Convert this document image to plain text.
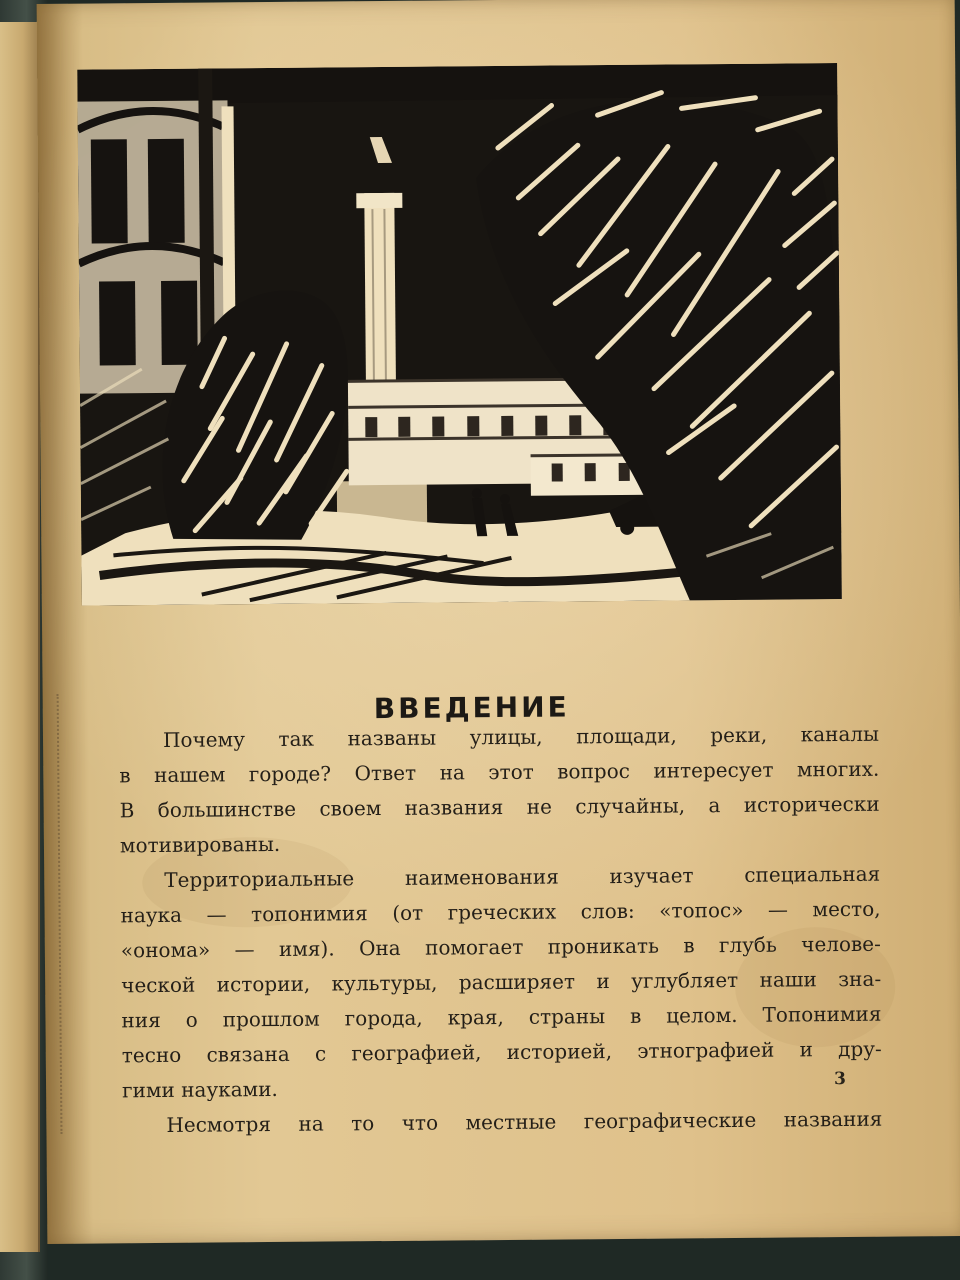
ВВЕДЕНИЕ
Почему так названы улицы, площади, реки, каналы
в нашем городе? Ответ на этот вопрос интересует многих.
В большинстве своем названия не случайны, а исторически
мотивированы.
Территориальные наименования изучает специальная
наука — топонимия (от греческих слов: «топос» — место,
«онома» — имя). Она помогает проникать в глубь челове-
ческой истории, культуры, расширяет и углубляет наши зна-
ния о прошлом города, края, страны в целом. Топонимия
тесно связана с географией, историей, этнографией и дру-
гими науками.
Несмотря на то что местные географические названия
3
